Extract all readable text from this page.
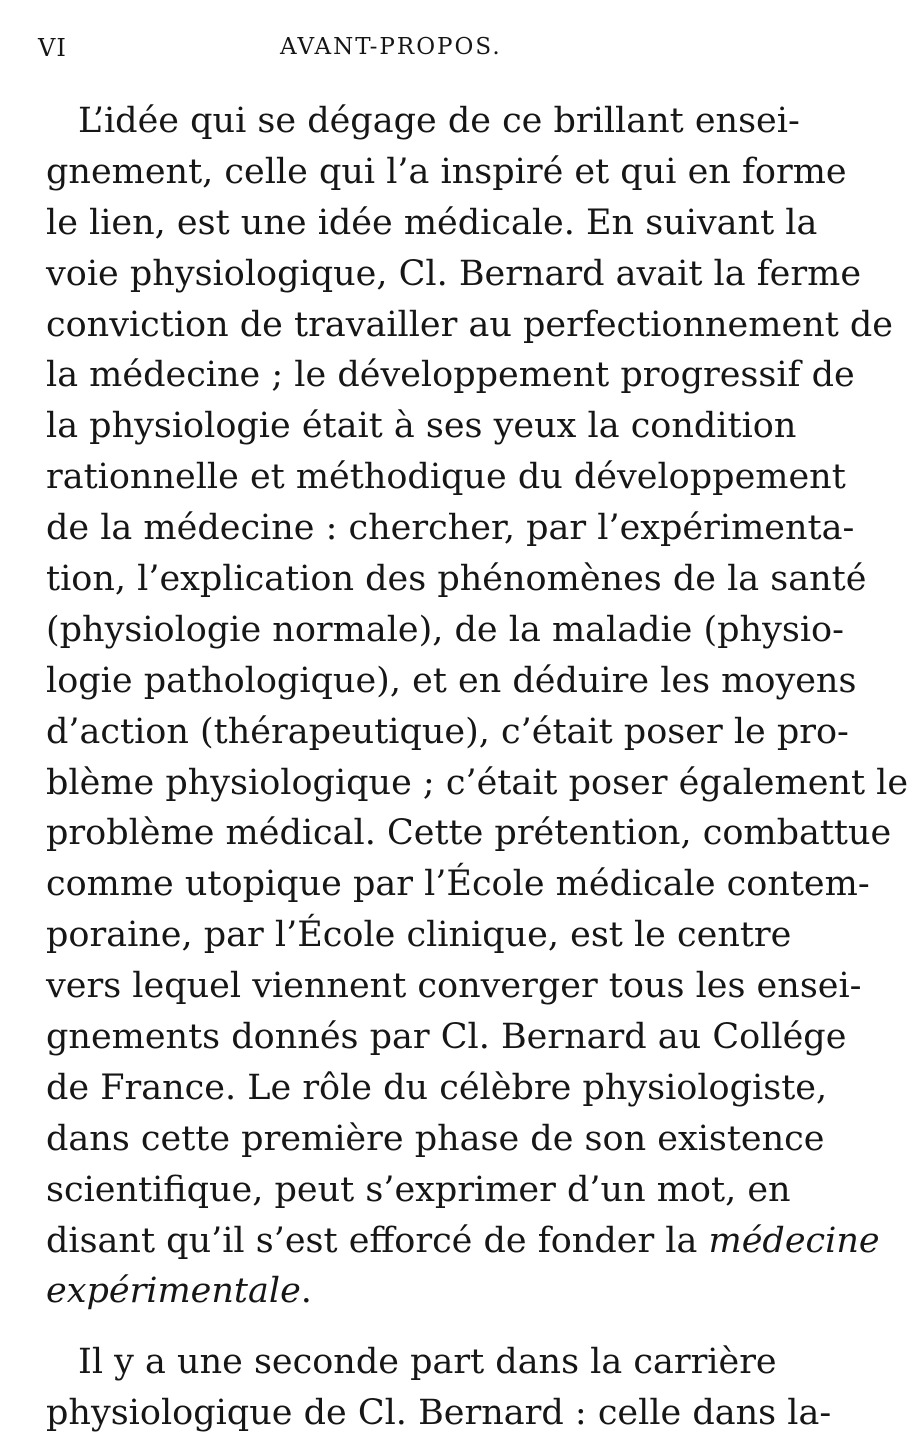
VI	AVANT-PROPOS.

L’idée qui se dégage de ce brillant ensei-
gnement, celle qui l’a inspiré et qui en forme
le lien, est une idée médicale. En suivant la
voie physiologique, Cl. Bernard avait la ferme
conviction de travailler au perfectionnement de
la médecine ; le développement progressif de
la physiologie était à ses yeux la condition
rationnelle et méthodique du développement
de la médecine : chercher, par l’expérimenta-
tion, l’explication des phénomènes de la santé
(physiologie normale), de la maladie (physio-
logie pathologique), et en déduire les moyens
d’action (thérapeutique), c’était poser le pro-
blème physiologique ; c’était poser également le
problème médical. Cette prétention, combattue
comme utopique par l’École médicale contem-
poraine, par l’École clinique, est le centre
vers lequel viennent converger tous les ensei-
gnements donnés par Cl. Bernard au Collége
de France. Le rôle du célèbre physiologiste,
dans cette première phase de son existence
scientifique, peut s’exprimer d’un mot, en
disant qu’il s’est efforcé de fonder la médecine
expérimentale.

Il y a une seconde part dans la carrière
physiologique de Cl. Bernard : celle dans la-
